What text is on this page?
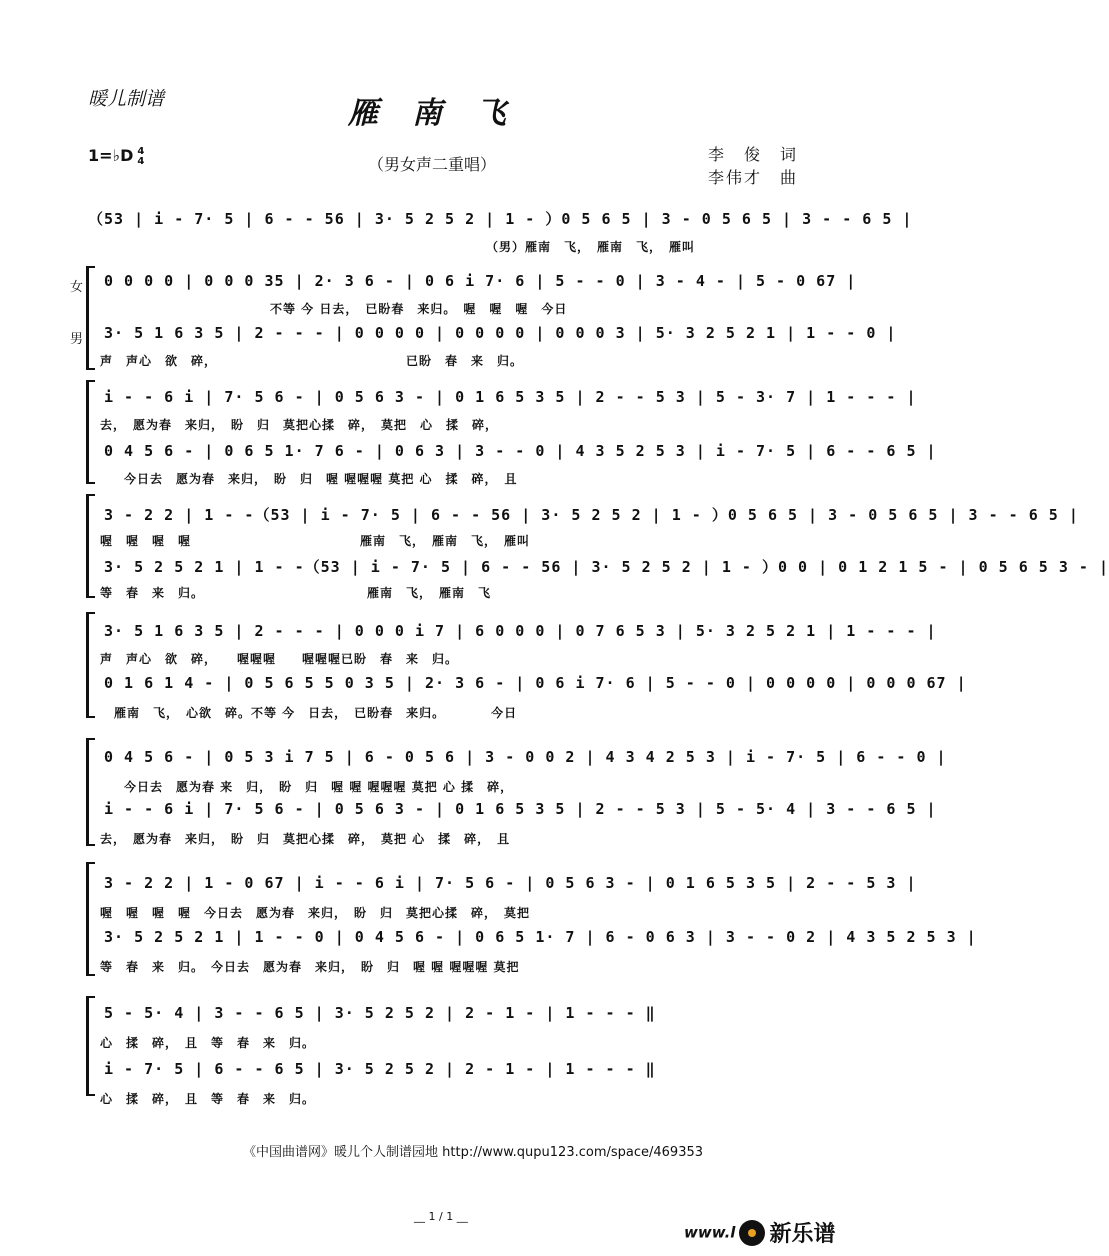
暖儿制谱	雁南飞
1=♭D 4
4	（男女声二重唱）
李　俊　词
李伟才　曲
（53 | i - 7· 5 | 6 - - 56 | 3· 5 2 5 2 | 1 - ）0 5 6 5 | 3 - 0 5 6 5 | 3 - - 6 5 |
（男）雁南　飞，　雁南　飞，　雁叫
女
男
0 0 0 0 | 0 0 0 35 | 2· 3 6 - | 0 6 i 7· 6 | 5 - - 0 | 3 - 4 - | 5 - 0 67 |
不等 今 日去，　已盼春　来归。　喔　喔　喔　今日
3· 5 1 6 3 5 | 2 - - - | 0 0 0 0 | 0 0 0 0 | 0 0 0 3 | 5· 3 2 5 2 1 | 1 - - 0 |
声　声心　欲　碎，　　　　　　　　　　　　　　　已盼　春　来　归。
i - - 6 i | 7· 5 6 - | 0 5 6 3 - | 0 1 6 5 3 5 | 2 - - 5 3 | 5 - 3· 7 | 1 - - - |
去，　愿为春　来归，　盼　归　莫把心揉　碎，　莫把　心　揉　碎，
0 4 5 6 - | 0 6 5 1· 7 6 - | 0 6 3 | 3 - - 0 | 4 3 5 2 5 3 | i - 7· 5 | 6 - - 6 5 |
今日去　愿为春　来归，　盼　归　喔 喔喔喔 莫把 心　揉　碎，　且
3 - 2 2 | 1 - -（53 | i - 7· 5 | 6 - - 56 | 3· 5 2 5 2 | 1 - ）0 5 6 5 | 3 - 0 5 6 5 | 3 - - 6 5 |
喔　喔　喔　喔　　　　　　　　　　　　　雁南　飞，　雁南　飞，　雁叫
3· 5 2 5 2 1 | 1 - -（53 | i - 7· 5 | 6 - - 56 | 3· 5 2 5 2 | 1 - ）0 0 | 0 1 2 1 5 - | 0 5 6 5 3 - |
等　春　来　归。　　　　　　　　　　　　　雁南　飞，　雁南　飞
3· 5 1 6 3 5 | 2 - - - | 0 0 0 i 7 | 6 0 0 0 | 0 7 6 5 3 | 5· 3 2 5 2 1 | 1 - - - |
声　声心　欲　碎，　　喔喔喔　　喔喔喔已盼　春　来　归。
0 1 6 1 4 - | 0 5 6 5 5 0 3 5 | 2· 3 6 - | 0 6 i 7· 6 | 5 - - 0 | 0 0 0 0 | 0 0 0 67 |
雁南　飞，　心欲　碎。不等 今　日去，　已盼春　来归。　　　　今日
0 4 5 6 - | 0 5 3 i 7 5 | 6 - 0 5 6 | 3 - 0 0 2 | 4 3 4 2 5 3 | i - 7· 5 | 6 - - 0 |
今日去　愿为春 来　归，　盼　归　喔 喔 喔喔喔 莫把 心 揉　碎，
i - - 6 i | 7· 5 6 - | 0 5 6 3 - | 0 1 6 5 3 5 | 2 - - 5 3 | 5 - 5· 4 | 3 - - 6 5 |
去，　愿为春　来归，　盼　归　莫把心揉　碎，　莫把 心　揉　碎，　且
3 - 2 2 | 1 - 0 67 | i - - 6 i | 7· 5 6 - | 0 5 6 3 - | 0 1 6 5 3 5 | 2 - - 5 3 |
喔　喔　喔　喔　今日去　愿为春　来归，　盼　归　莫把心揉　碎，　莫把
3· 5 2 5 2 1 | 1 - - 0 | 0 4 5 6 - | 0 6 5 1· 7 | 6 - 0 6 3 | 3 - - 0 2 | 4 3 5 2 5 3 |
等　春　来　归。　今日去　愿为春　来归，　盼　归　喔 喔 喔喔喔 莫把
5 - 5· 4 | 3 - - 6 5 | 3· 5 2 5 2 | 2 - 1 - | 1 - - - ‖
心　揉　碎，　且　等　春　来　归。
i - 7· 5 | 6 - - 6 5 | 3· 5 2 5 2 | 2 - 1 - | 1 - - - ‖
心　揉　碎，　且　等　春　来　归。
《中国曲谱网》暖儿个人制谱园地 http://www.qupu123.com/space/469353
__ 1 / 1 __
www.l 新乐谱
